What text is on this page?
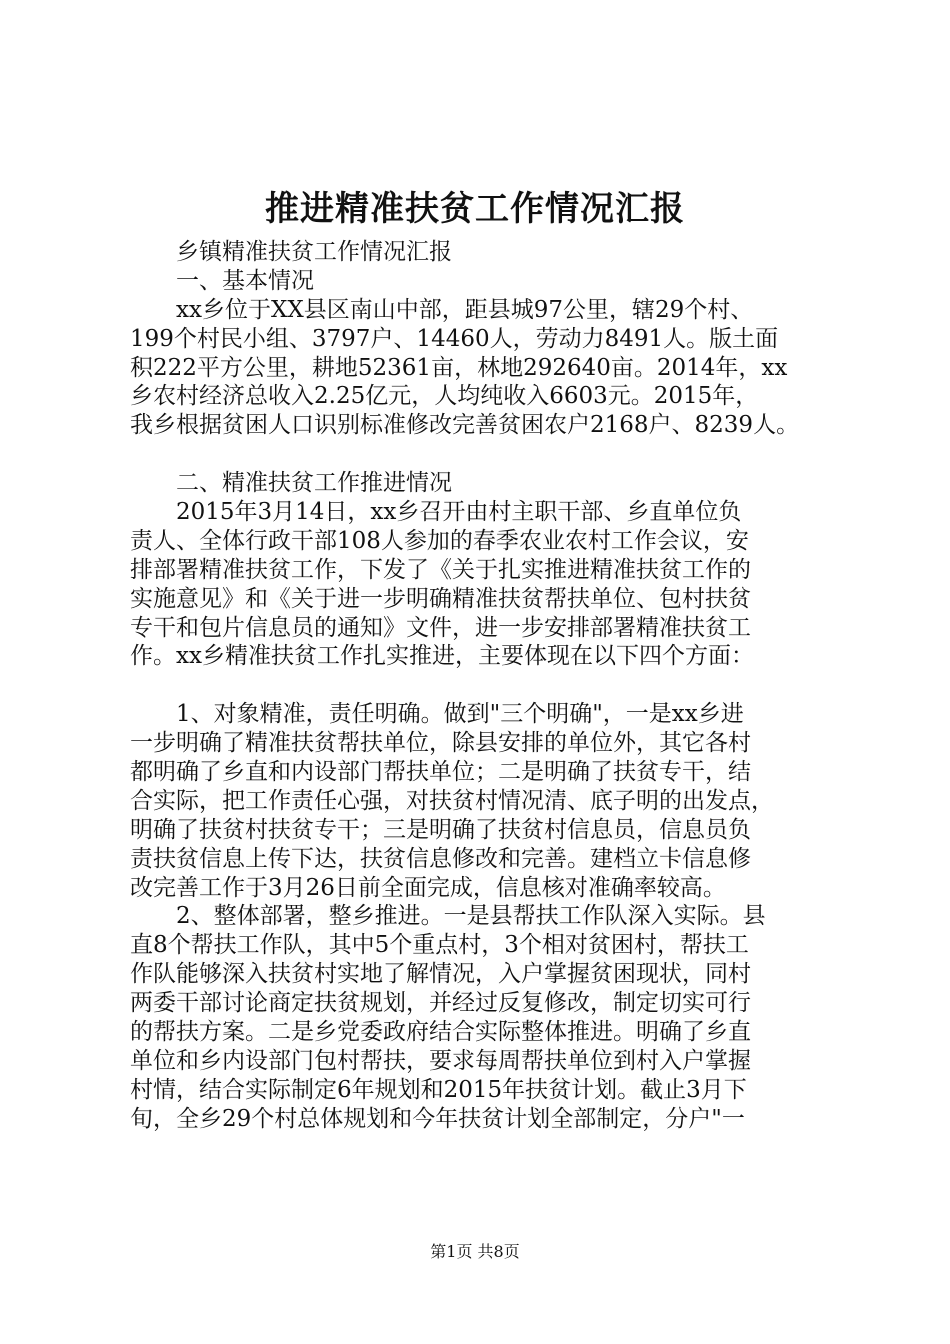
推进精准扶贫工作情况汇报
乡镇精准扶贫工作情况汇报
一、基本情况
xx乡位于XX县区南山中部，距县城97公里，辖29个村、
199个村民小组、3797户、14460人，劳动力8491人。版土面
积222平方公里，耕地52361亩，林地292640亩。2014年，xx
乡农村经济总收入2.25亿元，人均纯收入6603元。2015年，
我乡根据贫困人口识别标准修改完善贫困农户2168户、8239人。
二、精准扶贫工作推进情况
2015年3月14日，xx乡召开由村主职干部、乡直单位负
责人、全体行政干部108人参加的春季农业农村工作会议，安
排部署精准扶贫工作，下发了《关于扎实推进精准扶贫工作的
实施意见》和《关于进一步明确精准扶贫帮扶单位、包村扶贫
专干和包片信息员的通知》文件，进一步安排部署精准扶贫工
作。xx乡精准扶贫工作扎实推进，主要体现在以下四个方面：
1、对象精准，责任明确。做到"三个明确"，一是xx乡进
一步明确了精准扶贫帮扶单位，除县安排的单位外，其它各村
都明确了乡直和内设部门帮扶单位；二是明确了扶贫专干，结
合实际，把工作责任心强，对扶贫村情况清、底子明的出发点，
明确了扶贫村扶贫专干；三是明确了扶贫村信息员，信息员负
责扶贫信息上传下达，扶贫信息修改和完善。建档立卡信息修
改完善工作于3月26日前全面完成，信息核对准确率较高。
2、整体部署，整乡推进。一是县帮扶工作队深入实际。县
直8个帮扶工作队，其中5个重点村，3个相对贫困村，帮扶工
作队能够深入扶贫村实地了解情况，入户掌握贫困现状，同村
两委干部讨论商定扶贫规划，并经过反复修改，制定切实可行
的帮扶方案。二是乡党委政府结合实际整体推进。明确了乡直
单位和乡内设部门包村帮扶，要求每周帮扶单位到村入户掌握
村情，结合实际制定6年规划和2015年扶贫计划。截止3月下
旬，全乡29个村总体规划和今年扶贫计划全部制定，分户"一
第1页 共8页
